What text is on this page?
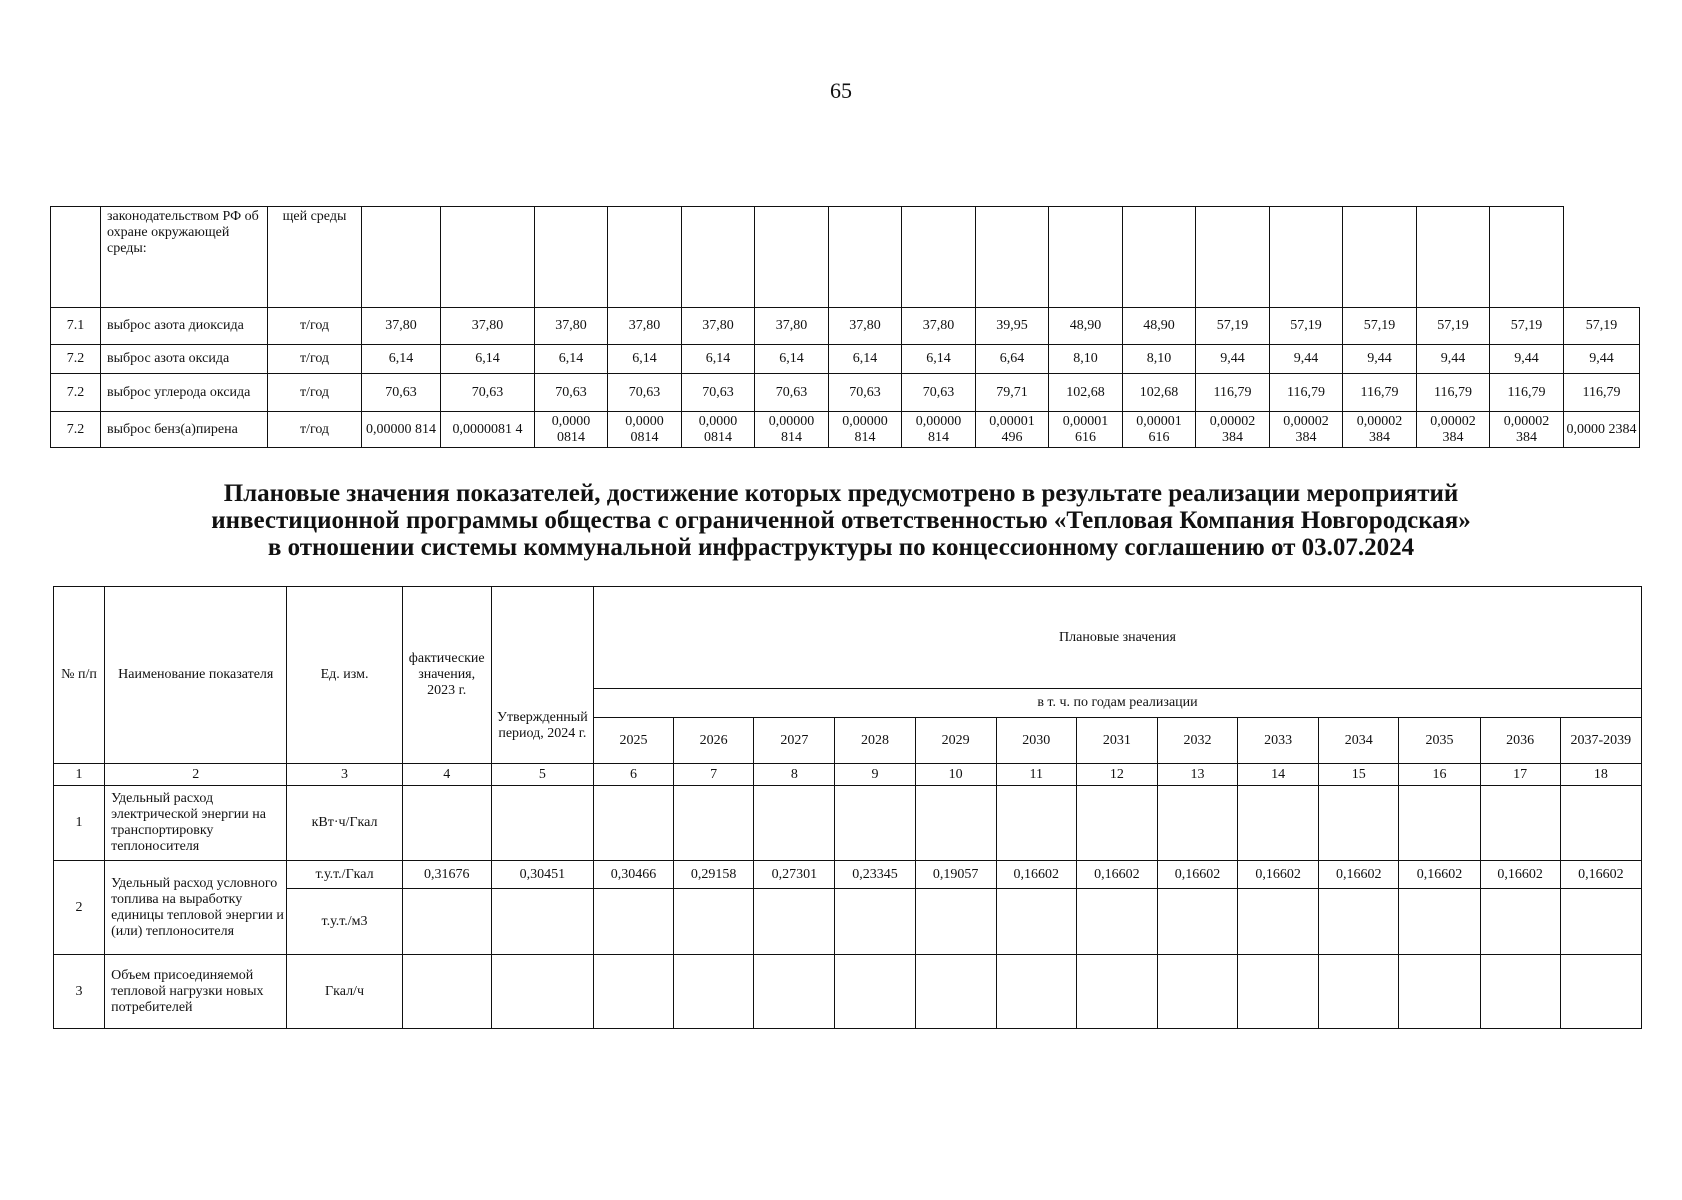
65
	законодательством РФ об охране окружающей среды:	щей среды																	
7.1	выброс азота диоксида	т/год	37,80	37,80	37,80	37,80	37,80	37,80	37,80	37,80	39,95	48,90	48,90	57,19	57,19	57,19	57,19	57,19	57,19
7.2	выброс азота оксида	т/год	6,14	6,14	6,14	6,14	6,14	6,14	6,14	6,14	6,64	8,10	8,10	9,44	9,44	9,44	9,44	9,44	9,44
7.2	выброс углерода оксида	т/год	70,63	70,63	70,63	70,63	70,63	70,63	70,63	70,63	79,71	102,68	102,68	116,79	116,79	116,79	116,79	116,79	116,79
7.2	выброс бенз(а)пирена	т/год	0,00000 814	0,0000081 4	0,0000 0814	0,0000 0814	0,0000 0814	0,00000 814	0,00000 814	0,00000 814	0,00001 496	0,00001 616	0,00001 616	0,00002 384	0,00002 384	0,00002 384	0,00002 384	0,00002 384	0,0000 2384
Плановые значения показателей, достижение которых предусмотрено в результате реализации мероприятий
инвестиционной программы общества с ограниченной ответственностью «Тепловая Компания Новгородская»
в отношении системы коммунальной инфраструктуры по концессионному соглашению от 03.07.2024
№ п/п	Наименование показателя	Ед. изм.	фактические значения, 2023 г.		Плановые значения												
				Утвержденный период, 2024 г.	в т. ч. по годам реализации												
					2025	2026	2027	2028	2029	2030	2031	2032	2033	2034	2035	2036	2037-2039
1	2	3	4	5	6	7	8	9	10	11	12	13	14	15	16	17	18
1	Удельный расход электрической энергии на транспортировку теплоносителя	кВт·ч/Гкал															
2	Удельный расход условного топлива на выработку единицы тепловой энергии и (или) теплоносителя	т.у.т./Гкал	0,31676	0,30451	0,30466	0,29158	0,27301	0,23345	0,19057	0,16602	0,16602	0,16602	0,16602	0,16602	0,16602	0,16602	0,16602
		т.у.т./м3															
3	Объем присоединяемой тепловой нагрузки новых потребителей	Гкал/ч															
